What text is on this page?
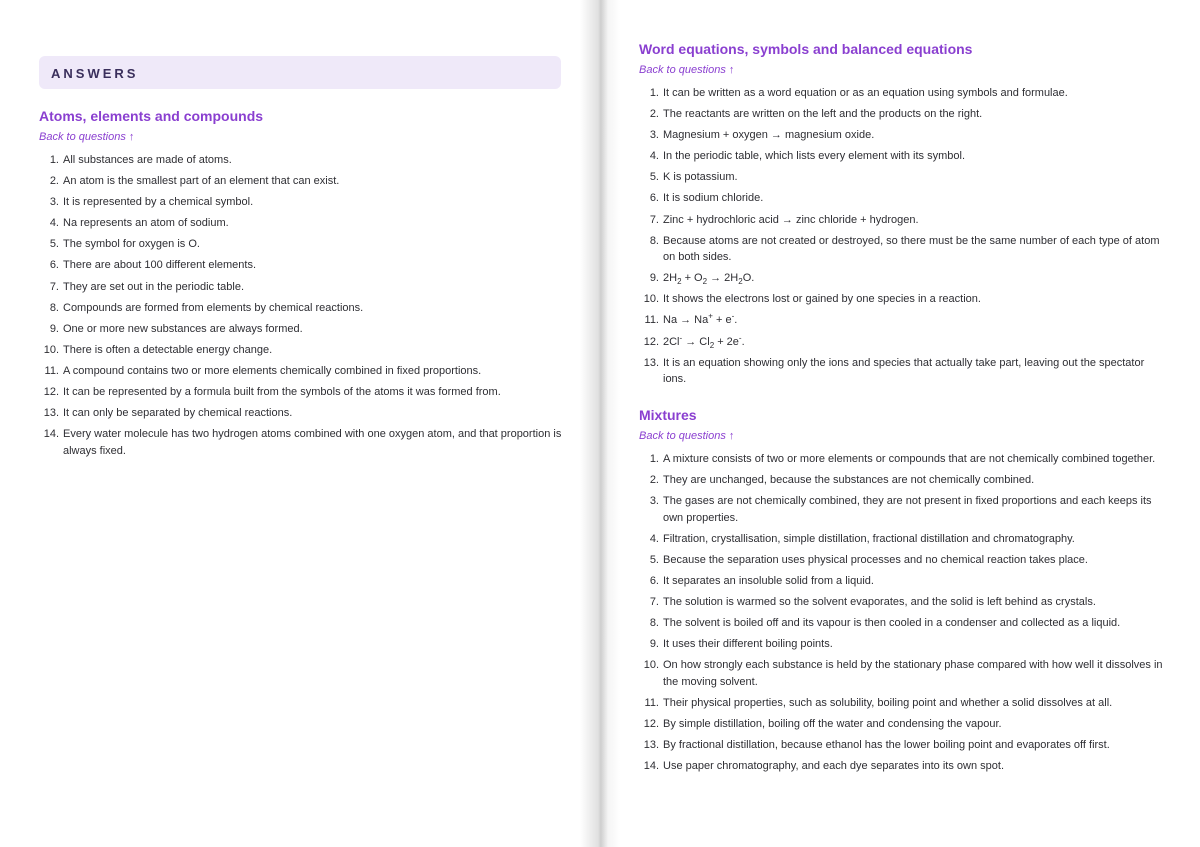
ANSWERS
Atoms, elements and compounds
Back to questions ↑
1. All substances are made of atoms.
2. An atom is the smallest part of an element that can exist.
3. It is represented by a chemical symbol.
4. Na represents an atom of sodium.
5. The symbol for oxygen is O.
6. There are about 100 different elements.
7. They are set out in the periodic table.
8. Compounds are formed from elements by chemical reactions.
9. One or more new substances are always formed.
10. There is often a detectable energy change.
11. A compound contains two or more elements chemically combined in fixed proportions.
12. It can be represented by a formula built from the symbols of the atoms it was formed from.
13. It can only be separated by chemical reactions.
14. Every water molecule has two hydrogen atoms combined with one oxygen atom, and that proportion is always fixed.
Word equations, symbols and balanced equations
Back to questions ↑
1. It can be written as a word equation or as an equation using symbols and formulae.
2. The reactants are written on the left and the products on the right.
3. Magnesium + oxygen → magnesium oxide.
4. In the periodic table, which lists every element with its symbol.
5. K is potassium.
6. It is sodium chloride.
7. Zinc + hydrochloric acid → zinc chloride + hydrogen.
8. Because atoms are not created or destroyed, so there must be the same number of each type of atom on both sides.
9. $2H_2 + O_2 \to 2H_2O$.
10. It shows the electrons lost or gained by one species in a reaction.
11. Na → Na+ + e-.
12. $2Cl^- \to Cl_2 + 2e^-$.
13. It is an equation showing only the ions and species that actually take part, leaving out the spectator ions.
Mixtures
Back to questions ↑
1. A mixture consists of two or more elements or compounds that are not chemically combined together.
2. They are unchanged, because the substances are not chemically combined.
3. The gases are not chemically combined, they are not present in fixed proportions and each keeps its own properties.
4. Filtration, crystallisation, simple distillation, fractional distillation and chromatography.
5. Because the separation uses physical processes and no chemical reaction takes place.
6. It separates an insoluble solid from a liquid.
7. The solution is warmed so the solvent evaporates, and the solid is left behind as crystals.
8. The solvent is boiled off and its vapour is then cooled in a condenser and collected as a liquid.
9. It uses their different boiling points.
10. On how strongly each substance is held by the stationary phase compared with how well it dissolves in the moving solvent.
11. Their physical properties, such as solubility, boiling point and whether a solid dissolves at all.
12. By simple distillation, boiling off the water and condensing the vapour.
13. By fractional distillation, because ethanol has the lower boiling point and evaporates off first.
14. Use paper chromatography, and each dye separates into its own spot.
